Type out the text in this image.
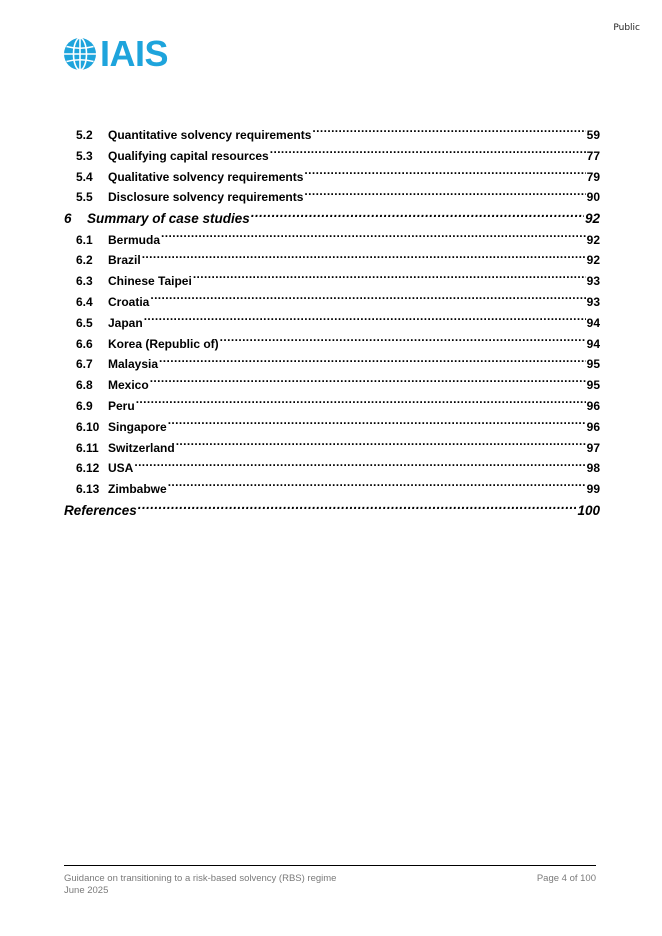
Public
IAIS
5.2	Quantitative solvency requirements .....	59
5.3	Qualifying capital resources .....	77
5.4	Qualitative solvency requirements .....	79
5.5	Disclosure solvency requirements .....	90
6	Summary of case studies .....	92
6.1	Bermuda .....	92
6.2	Brazil .....	92
6.3	Chinese Taipei .....	93
6.4	Croatia .....	93
6.5	Japan .....	94
6.6	Korea (Republic of) .....	94
6.7	Malaysia .....	95
6.8	Mexico .....	95
6.9	Peru .....	96
6.10 Singapore .....	96
6.11 Switzerland .....	97
6.12 USA .....	98
6.13 Zimbabwe .....	99
References .....	100
Guidance on transitioning to a risk-based solvency (RBS) regime
June 2025
Page 4 of 100
